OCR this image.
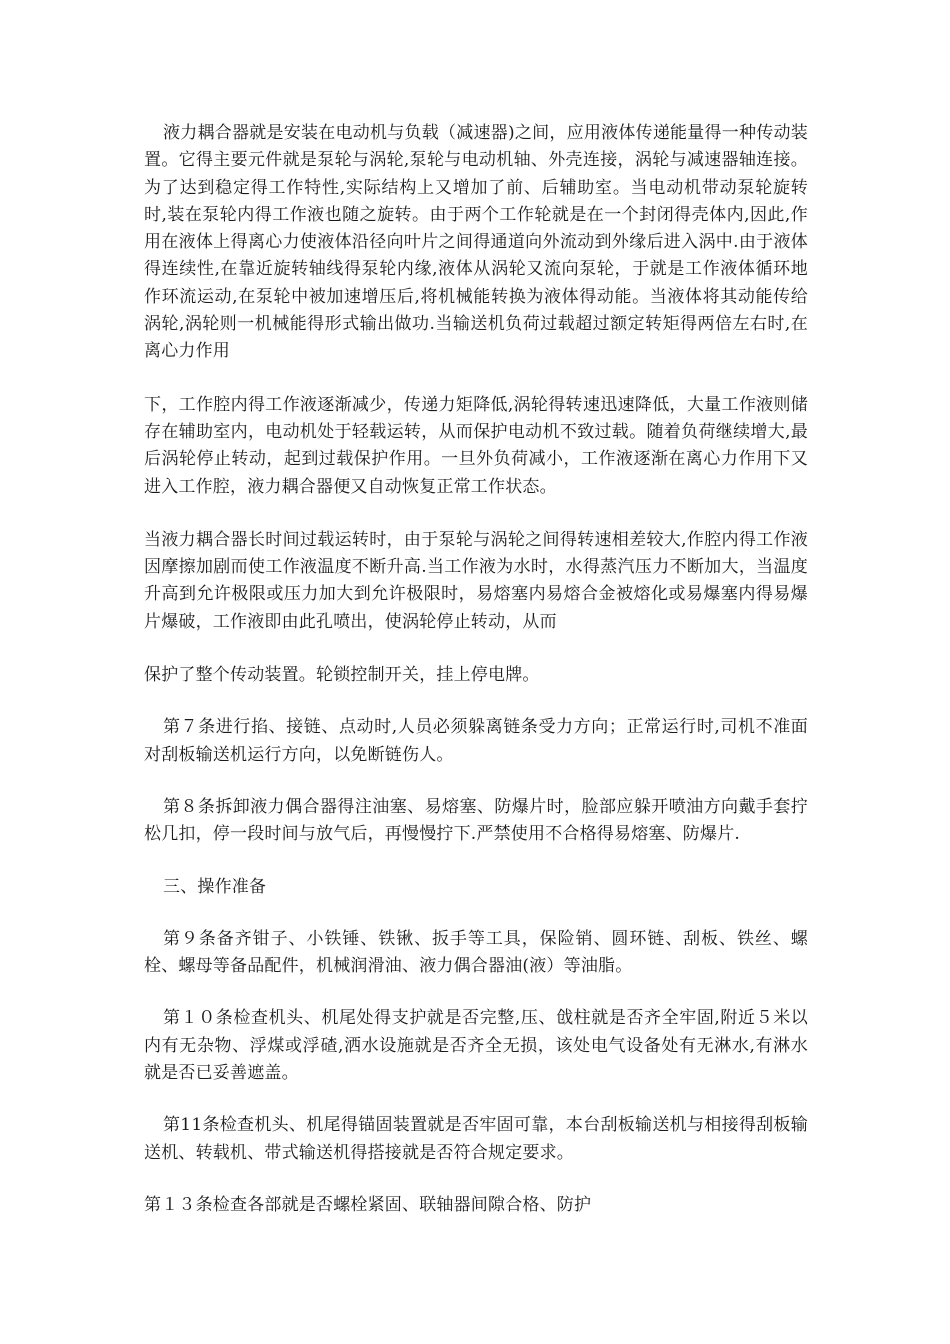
液力耦合器就是安装在电动机与负载（减速器)之间，应用液体传递能量得一种传动装置。它得主要元件就是泵轮与涡轮,泵轮与电动机轴、外壳连接，涡轮与减速器轴连接。为了达到稳定得工作特性,实际结构上又增加了前、后辅助室。当电动机带动泵轮旋转时,装在泵轮内得工作液也随之旋转。由于两个工作轮就是在一个封闭得壳体内,因此,作用在液体上得离心力使液体沿径向叶片之间得通道向外流动到外缘后进入涡中.由于液体得连续性,在靠近旋转轴线得泵轮内缘,液体从涡轮又流向泵轮，于就是工作液体循环地作环流运动,在泵轮中被加速增压后,将机械能转换为液体得动能。当液体将其动能传给涡轮,涡轮则一机械能得形式输出做功.当输送机负荷过载超过额定转矩得两倍左右时,在离心力作用

下，工作腔内得工作液逐渐减少，传递力矩降低,涡轮得转速迅速降低，大量工作液则储存在辅助室内，电动机处于轻载运转，从而保护电动机不致过载。随着负荷继续增大,最后涡轮停止转动，起到过载保护作用。一旦外负荷减小，工作液逐渐在离心力作用下又进入工作腔，液力耦合器便又自动恢复正常工作状态。

当液力耦合器长时间过载运转时，由于泵轮与涡轮之间得转速相差较大,作腔内得工作液因摩擦加剧而使工作液温度不断升高.当工作液为水时，水得蒸汽压力不断加大，当温度升高到允许极限或压力加大到允许极限时，易熔塞内易熔合金被熔化或易爆塞内得易爆片爆破，工作液即由此孔喷出，使涡轮停止转动，从而

保护了整个传动装置。轮锁控制开关，挂上停电牌。

第７条进行掐、接链、点动时,人员必须躲离链条受力方向；正常运行时,司机不准面对刮板输送机运行方向，以免断链伤人。

第８条拆卸液力偶合器得注油塞、易熔塞、防爆片时，脸部应躲开喷油方向戴手套拧松几扣，停一段时间与放气后，再慢慢拧下.严禁使用不合格得易熔塞、防爆片.

三、操作准备

第９条备齐钳子、小铁锤、铁锹、扳手等工具，保险销、圆环链、刮板、铁丝、螺栓、螺母等备品配件，机械润滑油、液力偶合器油(液）等油脂。

第１０条检查机头、机尾处得支护就是否完整,压、戗柱就是否齐全牢固,附近５米以内有无杂物、浮煤或浮碴,洒水设施就是否齐全无损，该处电气设备处有无淋水,有淋水就是否已妥善遮盖。

第11条检查机头、机尾得锚固装置就是否牢固可靠，本台刮板输送机与相接得刮板输送机、转载机、带式输送机得搭接就是否符合规定要求。

第１３条检查各部就是否螺栓紧固、联轴器间隙合格、防护
